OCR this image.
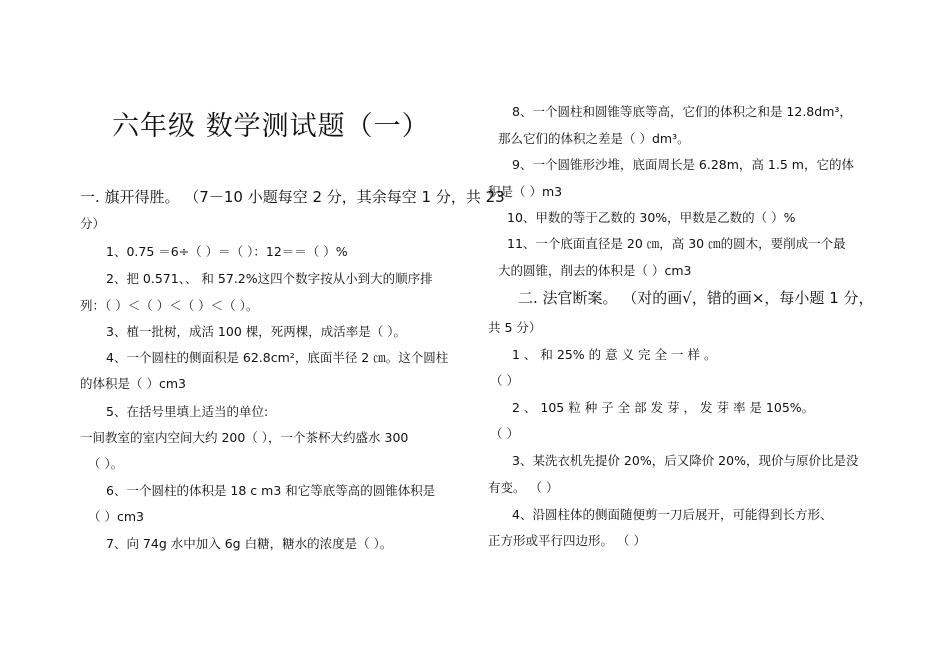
六年级 数学测试题（一）
一. 旗开得胜。 （7－10 小题每空 2 分，其余每空 1 分，共 23
分）
1、0.75 ＝6÷（ ）＝（ ）：12＝＝（ ）%
2、把 0.571、、 和 57.2%这四个数字按从小到大的顺序排
列：（ ）＜（ ）＜（ ）＜（ ）。
3、植一批树，成活 100 棵，死两棵，成活率是（ ）。
4、一个圆柱的侧面积是 62.8cm²，底面半径 2 ㎝。这个圆柱
的体积是（ ）cm3
5、在括号里填上适当的单位:
一间教室的室内空间大约 200（ ），一个茶杯大约盛水 300
（ ）。
6、一个圆柱的体积是 18 c m3 和它等底等高的圆锥体积是
（ ）cm3
7、向 74g 水中加入 6g 白糖，糖水的浓度是（ ）。
8、一个圆柱和圆锥等底等高，它们的体积之和是 12.8dm³，
那么它们的体积之差是（ ）dm³。
9、一个圆锥形沙堆，底面周长是 6.28m，高 1.5 m，它的体
积是（ ）m3
10、甲数的等于乙数的 30%，甲数是乙数的（ ）%
11、一个底面直径是 20 ㎝，高 30 ㎝的圆木，要削成一个最
大的圆锥，削去的体积是（ ）cm3
二. 法官断案。 （对的画√，错的画×，每小题 1 分，
共 5 分）
1 、 和 25% 的 意 义 完 全 一 样 。
（ ）
2 、 105 粒 种 子 全 部 发 芽 ， 发 芽 率 是 105%。
（ ）
3、某洗衣机先提价 20%，后又降价 20%，现价与原价比是没
有变。 （ ）
4、沿圆柱体的侧面随便剪一刀后展开，可能得到长方形、
正方形或平行四边形。 （ ）
